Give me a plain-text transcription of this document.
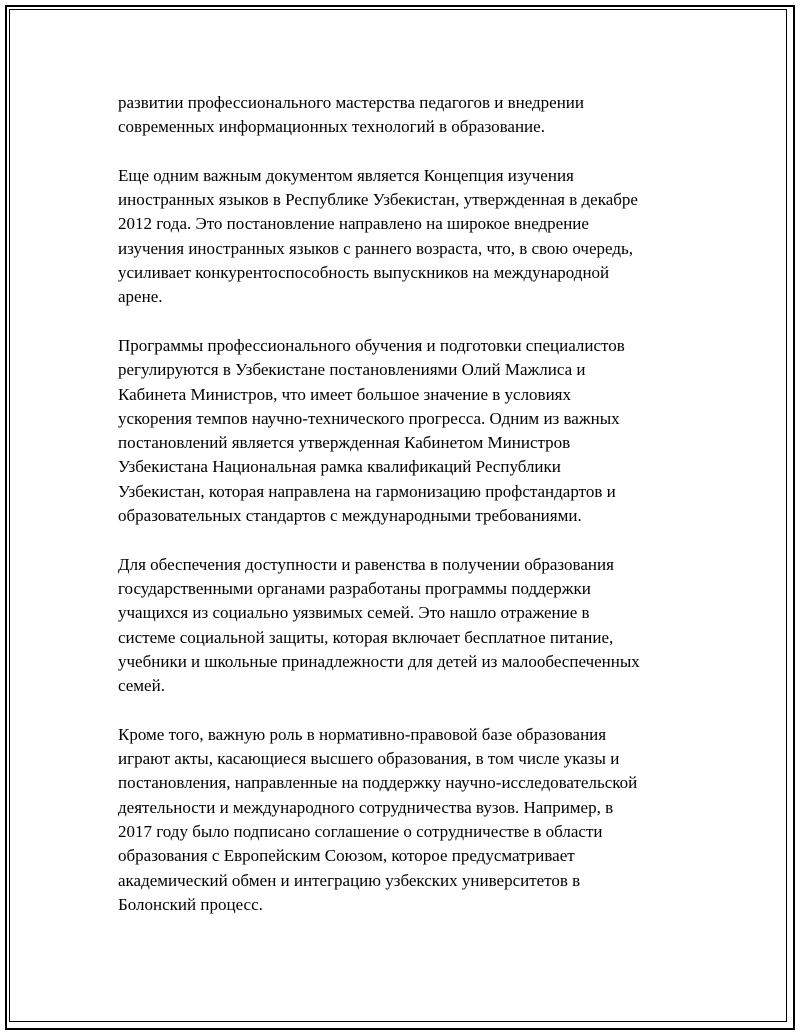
развитии профессионального мастерства педагогов и внедрении
современных информационных технологий в образование.

Еще одним важным документом является Концепция изучения
иностранных языков в Республике Узбекистан, утвержденная в декабре
2012 года. Это постановление направлено на широкое внедрение
изучения иностранных языков с раннего возраста, что, в свою очередь,
усиливает конкурентоспособность выпускников на международной
арене.

Программы профессионального обучения и подготовки специалистов
регулируются в Узбекистане постановлениями Олий Мажлиса и
Кабинета Министров, что имеет большое значение в условиях
ускорения темпов научно-технического прогресса. Одним из важных
постановлений является утвержденная Кабинетом Министров
Узбекистана Национальная рамка квалификаций Республики
Узбекистан, которая направлена на гармонизацию профстандартов и
образовательных стандартов с международными требованиями.

Для обеспечения доступности и равенства в получении образования
государственными органами разработаны программы поддержки
учащихся из социально уязвимых семей. Это нашло отражение в
системе социальной защиты, которая включает бесплатное питание,
учебники и школьные принадлежности для детей из малообеспеченных
семей.

Кроме того, важную роль в нормативно-правовой базе образования
играют акты, касающиеся высшего образования, в том числе указы и
постановления, направленные на поддержку научно-исследовательской
деятельности и международного сотрудничества вузов. Например, в
2017 году было подписано соглашение о сотрудничестве в области
образования с Европейским Союзом, которое предусматривает
академический обмен и интеграцию узбекских университетов в
Болонский процесс.
